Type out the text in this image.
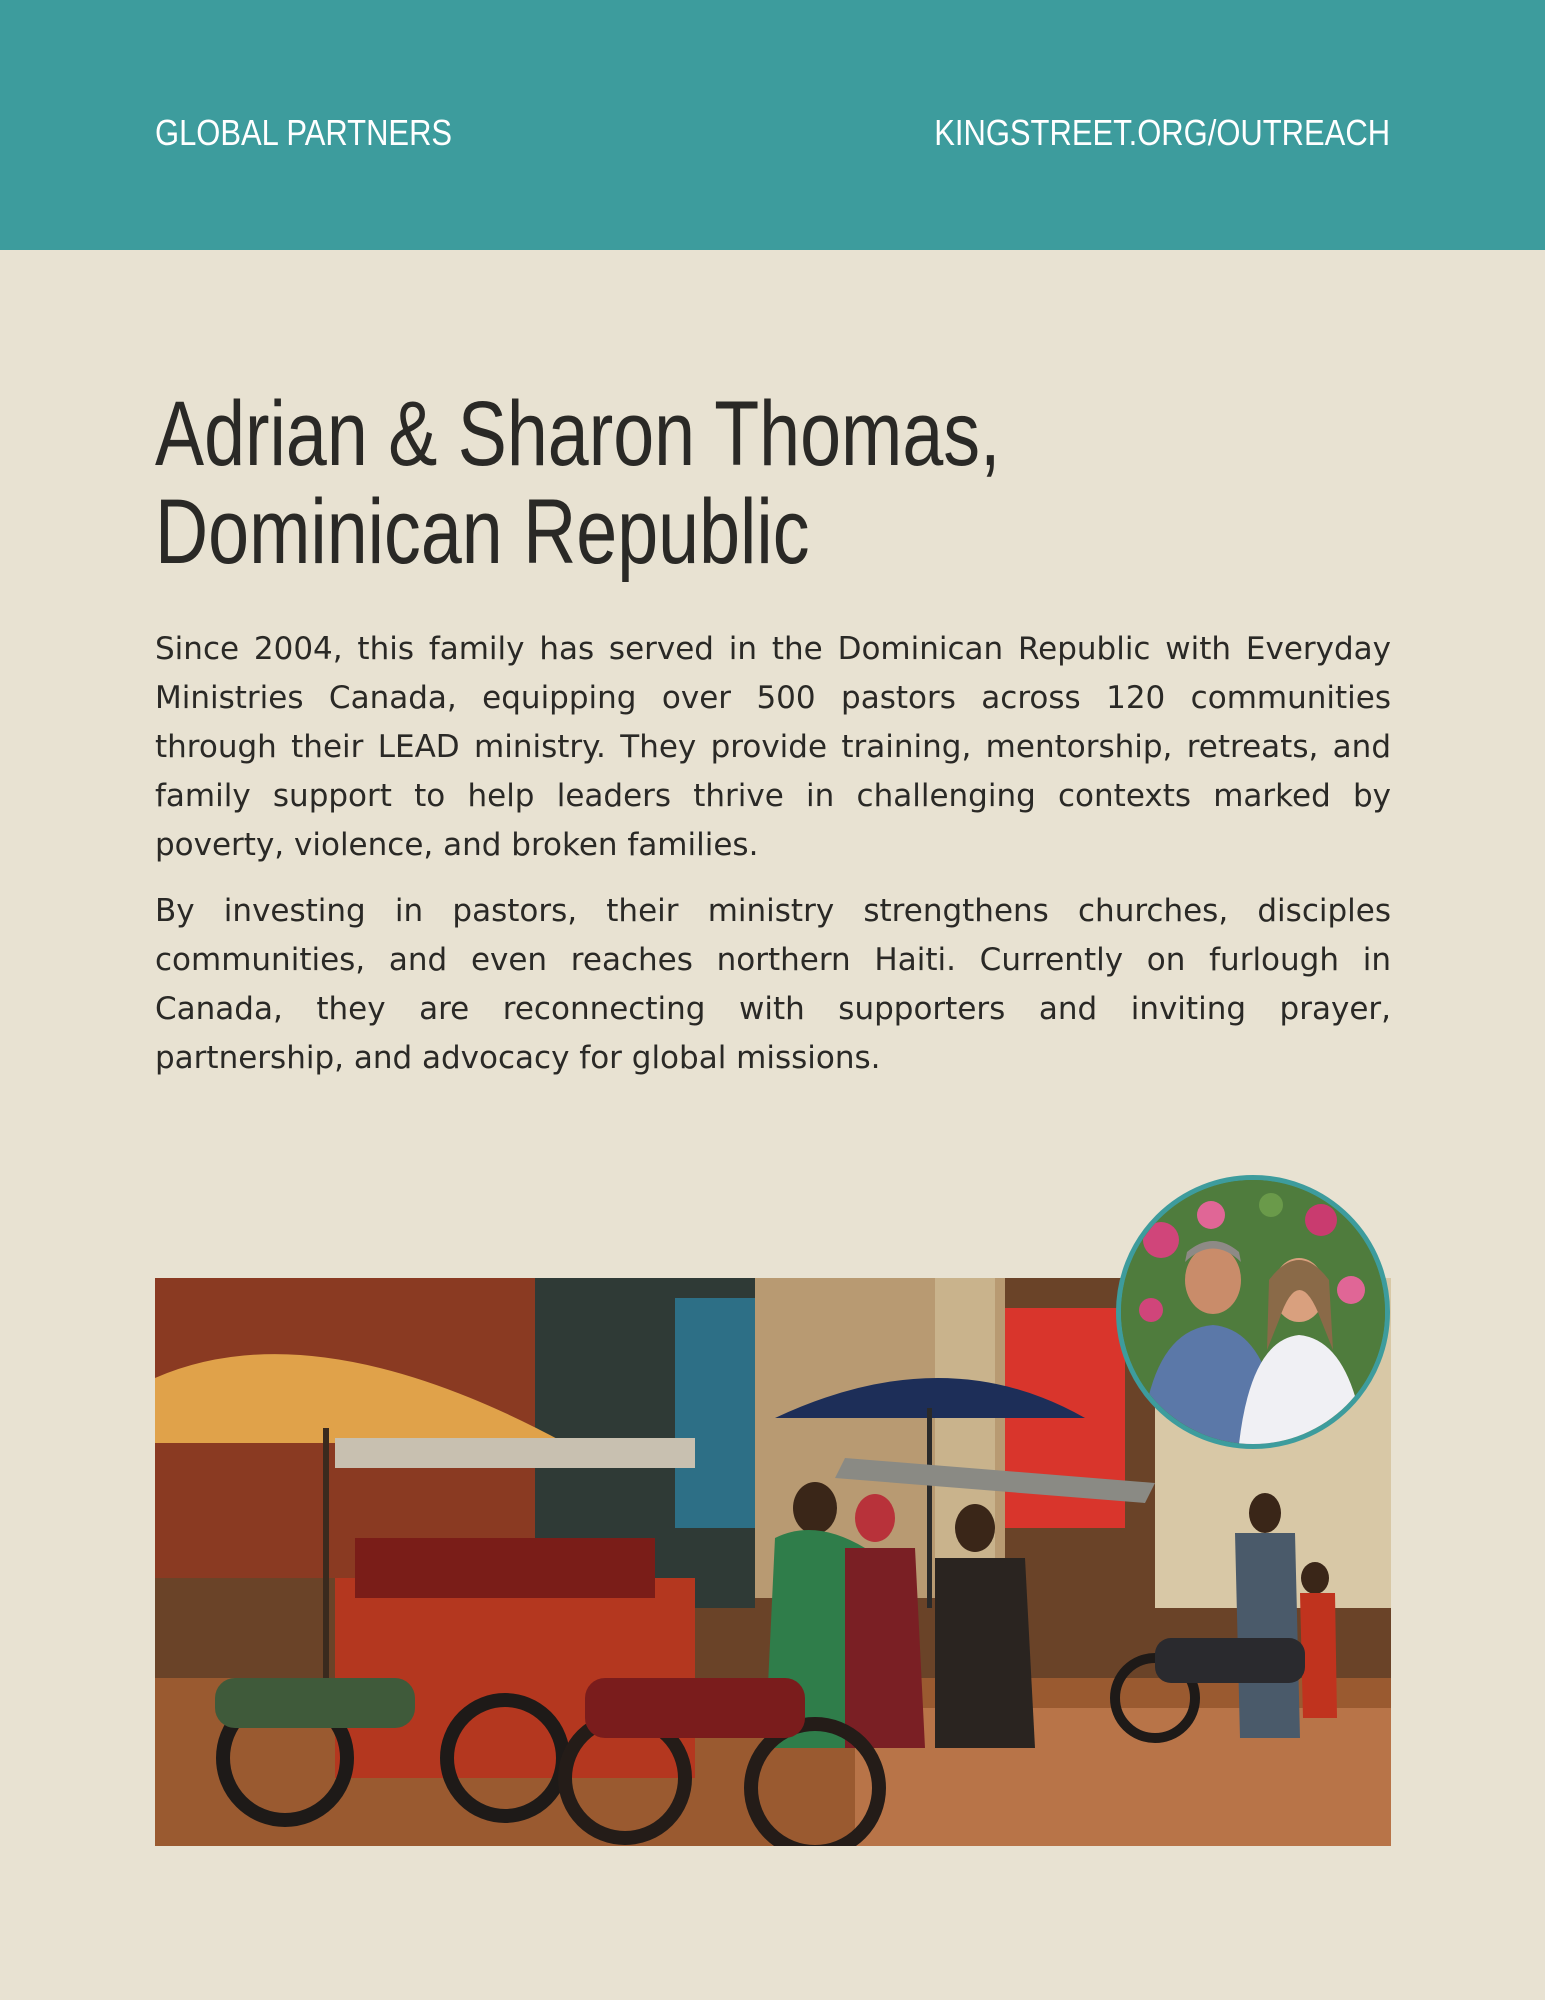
GLOBAL PARTNERS	KINGSTREET.ORG/OUTREACH
Adrian & Sharon Thomas,
Dominican Republic

Since 2004, this family has served in the Dominican Republic with Everyday Ministries Canada, equipping over 500 pastors across 120 communities through their LEAD ministry. They provide training, mentorship, retreats, and family support to help leaders thrive in challenging contexts marked by poverty, violence, and broken families.

By investing in pastors, their ministry strengthens churches, disciples communities, and even reaches northern Haiti. Currently on furlough in Canada, they are reconnecting with supporters and inviting prayer, partnership, and advocacy for global missions.
